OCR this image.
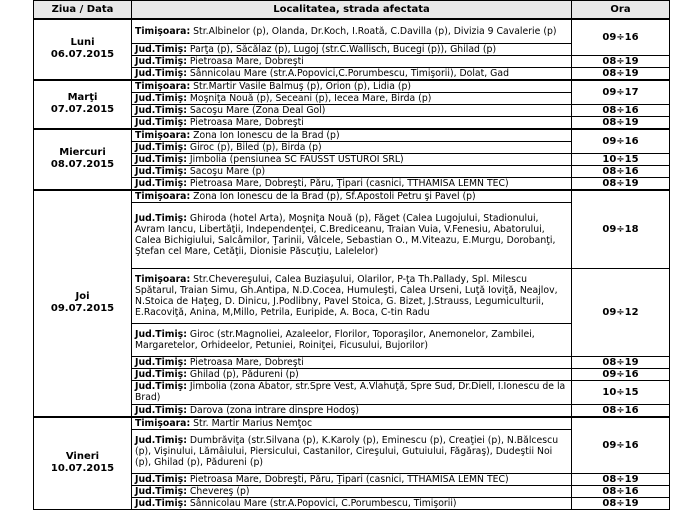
Ziua / Data	Localitatea, strada afectata	Ora

Luni
06.07.2015	Timişoara: Str.Albinelor (p), Olanda, Dr.Koch, I.Roată, C.Davilla (p), Divizia 9 Cavalerie (p)	09÷16
	Jud.Timiş: Parţa (p), Săcălaz (p), Lugoj (str.C.Wallisch, Bucegi (p)), Ghilad (p)	
	Jud.Timiş: Pietroasa Mare, Dobreşti	08÷19
	Jud.Timiş: Sânnicolau Mare (str.A.Popovici,C.Porumbescu, Timişorii), Dolat, Gad	08÷19

Marţi
07.07.2015	Timişoara: Str.Martir Vasile Balmuş (p), Orion (p), Lidia (p)	09÷17
	Jud.Timiş: Moşniţa Nouă (p), Seceani (p), Iecea Mare, Birda (p)	
	Jud.Timiş: Sacoşu Mare (Zona Deal Gol)	08÷16
	Jud.Timiş: Pietroasa Mare, Dobreşti	08÷19

Miercuri
08.07.2015	Timişoara: Zona Ion Ionescu de la Brad (p)	09÷16
	Jud.Timiş: Giroc (p), Biled (p), Birda (p)	
	Jud.Timiş: Jimbolia (pensiunea SC FAUSST USTUROI SRL)	10÷15
	Jud.Timiş: Sacoşu Mare (p)	08÷16
	Jud.Timiş: Pietroasa Mare, Dobreşti, Păru, Ţipari (casnici, TTHAMISA LEMN TEC)	08÷19

Joi
09.07.2015	Timişoara: Zona Ion Ionescu de la Brad (p), Sf.Apostoli Petru şi Pavel (p)	09÷18
	Jud.Timiş: Ghiroda (hotel Arta), Moşniţa Nouă (p), Făget (Calea Lugojului, Stadionului, Avram Iancu, Libertăţii, Independenţei, C.Brediceanu, Traian Vuia, V.Fenesiu, Abatorului, Calea Bichigiului, Salcâmilor, Ţarinii, Vâlcele, Sebastian O., M.Viteazu, E.Murgu, Dorobanţi, Ştefan cel Mare, Cetăţii, Dionisie Păscuţiu, Lalelelor)	
	Timişoara: Str.Chevereşului, Calea Buziaşului, Olarilor, P-ţa Th.Pallady, Spl. Milescu Spătarul, Traian Simu, Gh.Antipa, N.D.Cocea, Humuleşti, Calea Urseni, Luţă Ioviţă, Neajlov, N.Stoica de Haţeg, D. Dinicu, J.Podlibny, Pavel Stoica, G. Bizet, J.Strauss, Legumiculturii, E.Racoviţă, Anina, M,Millo, Petrila, Euripide, A. Boca, C-tin Radu	09÷12
	Jud.Timiş: Giroc (str.Magnoliei, Azaleelor, Florilor, Toporaşilor, Anemonelor, Zambilei, Margaretelor, Orhideelor, Petuniei, Roiniţei, Ficusului, Bujorilor)	
	Jud.Timiş: Pietroasa Mare, Dobreşti	08÷19
	Jud.Timiş: Ghilad (p), Pădureni (p)	09÷16
	Jud.Timiş: Jimbolia (zona Abator, str.Spre Vest, A.Vlahuţă, Spre Sud, Dr.Diell, I.Ionescu de la Brad)	10÷15
	Jud.Timiş: Darova (zona intrare dinspre Hodoş)	08÷16

Vineri
10.07.2015	Timişoara: Str. Martir Marius Nemţoc	09÷16
	Jud.Timiş: Dumbrăviţa (str.Silvana (p), K.Karoly (p), Eminescu (p), Creaţiei (p), N.Bălcescu (p), Vişinului, Lămâiului, Piersicului, Castanilor, Cireşului, Gutuiului, Făgăraş), Dudeştii Noi (p), Ghilad (p), Pădureni (p)	
	Jud.Timiş: Pietroasa Mare, Dobreşti, Păru, Ţipari (casnici, TTHAMISA LEMN TEC)	08÷19
	Jud.Timiş: Chevereş (p)	08÷16
	Jud.Timiş: Sânnicolau Mare (str.A.Popovici, C.Porumbescu, Timişorii)	08÷19
